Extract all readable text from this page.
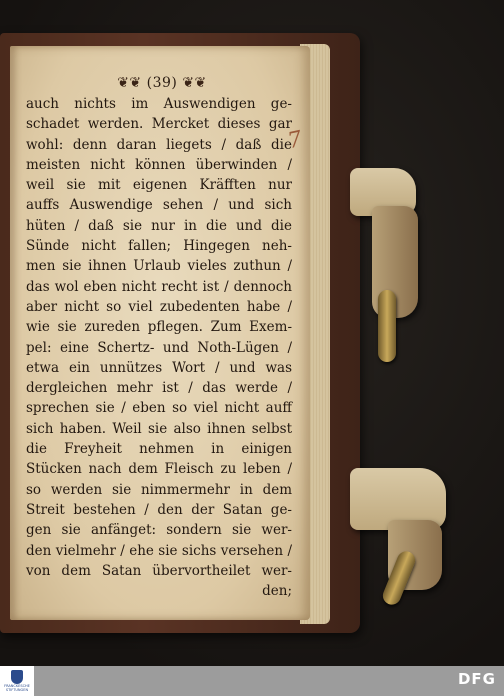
❦❦ (39) ❦❦
7
auch nichts im Auswendigen ge-
schadet werden. Mercket dieses gar
wohl: denn daran liegets / daß die
meisten nicht können überwinden /
weil sie mit eigenen Kräfften nur
auffs Auswendige sehen / und sich
hüten / daß sie nur in die und die
Sünde nicht fallen; Hingegen neh-
men sie ihnen Urlaub vieles zuthun /
das wol eben nicht recht ist / dennoch
aber nicht so viel zubedenten habe /
wie sie zureden pflegen. Zum Exem-
pel: eine Schertz- und Noth-Lügen /
etwa ein unnützes Wort / und was
dergleichen mehr ist / das werde /
sprechen sie / eben so viel nicht auff
sich haben. Weil sie also ihnen selbst
die Freyheit nehmen in einigen
Stücken nach dem Fleisch zu leben /
so werden sie nimmermehr in dem
Streit bestehen / den der Satan ge-
gen sie anfänget: sondern sie wer-
den vielmehr / ehe sie sichs versehen /
von dem Satan übervortheilet wer-
den;
FRANCKESCHE STIFTUNGEN
DFG
